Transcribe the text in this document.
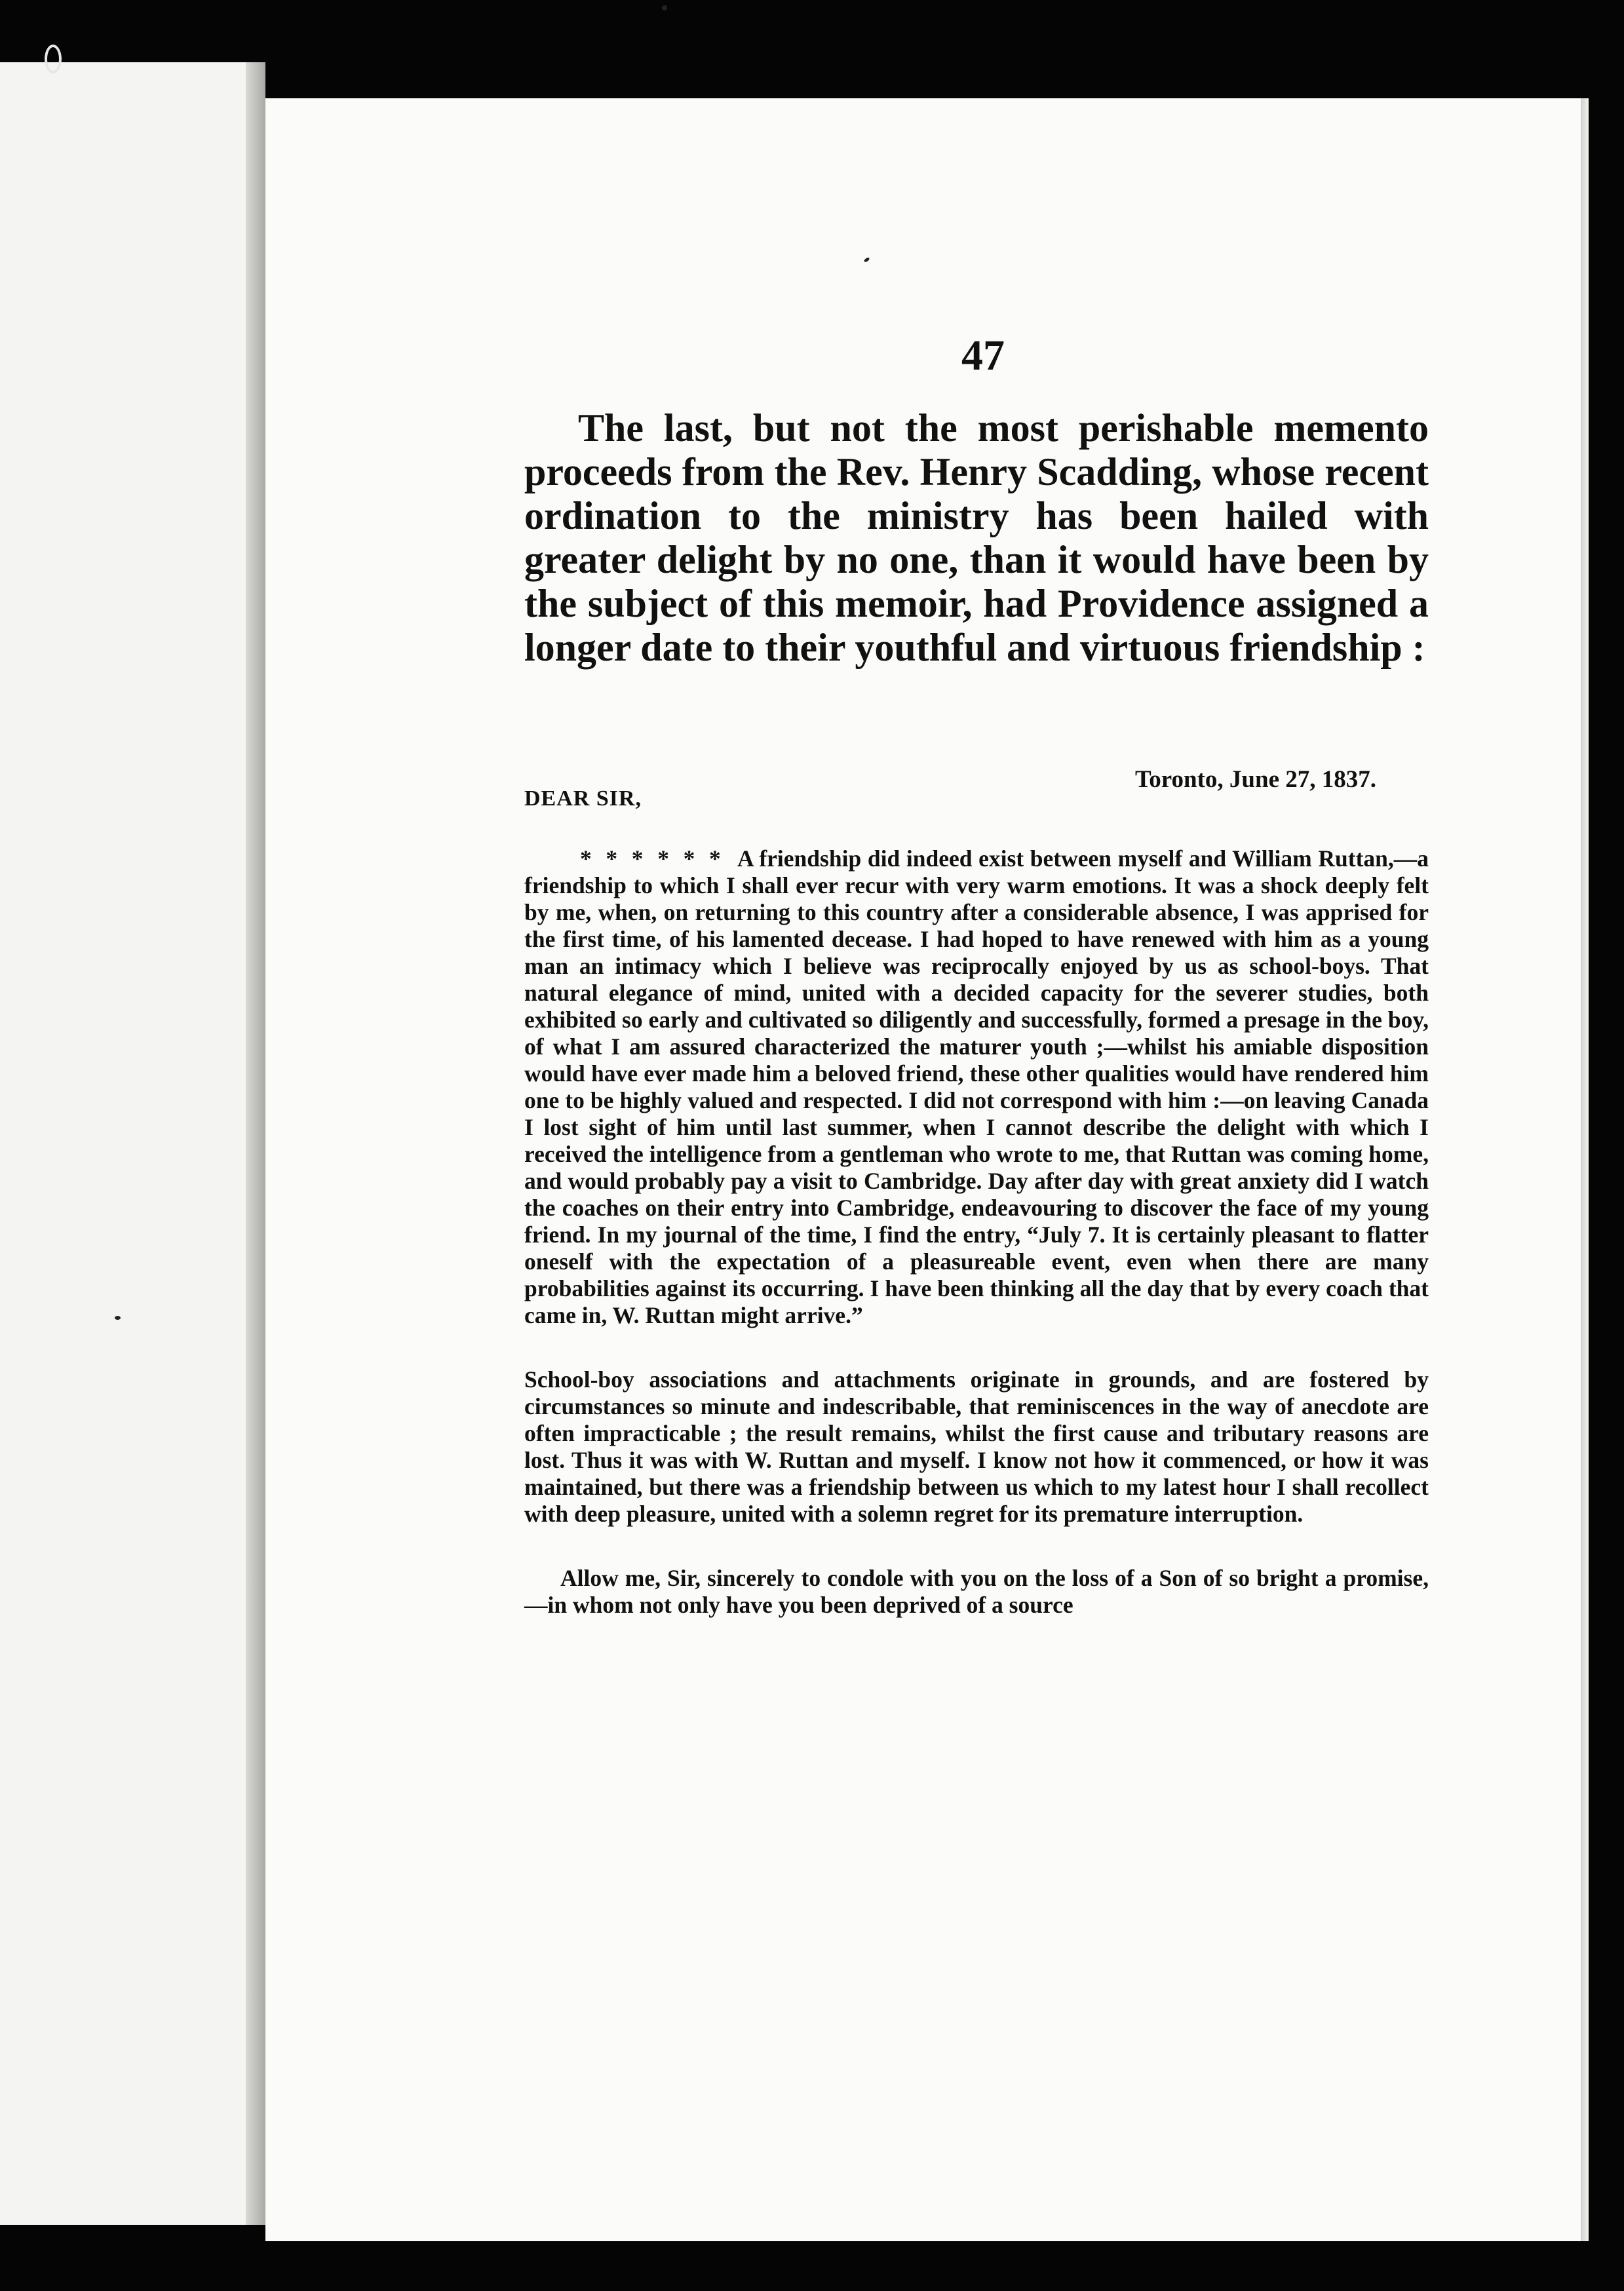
47
The last, but not the most perishable memento proceeds from the Rev. Henry Scadding, whose recent ordination to the ministry has been hailed with greater delight by no one, than it would have been by the subject of this memoir, had Providence assigned a longer date to their youthful and virtuous friendship :
Toronto, June 27, 1837.
DEAR SIR,

* * * * * * A friendship did indeed exist between myself and William Ruttan,—a friendship to which I shall ever recur with very warm emotions. It was a shock deeply felt by me, when, on returning to this country after a considerable absence, I was apprised for the first time, of his lamented decease. I had hoped to have renewed with him as a young man an intimacy which I believe was reciprocally enjoyed by us as school-boys. That natural elegance of mind, united with a decided capacity for the severer studies, both exhibited so early and cultivated so diligently and successfully, formed a presage in the boy, of what I am assured characterized the maturer youth ;—whilst his amiable disposition would have ever made him a beloved friend, these other qualities would have rendered him one to be highly valued and respected. I did not correspond with him :—on leaving Canada I lost sight of him until last summer, when I cannot describe the delight with which I received the intelligence from a gentleman who wrote to me, that Ruttan was coming home, and would probably pay a visit to Cambridge. Day after day with great anxiety did I watch the coaches on their entry into Cambridge, endeavouring to discover the face of my young friend. In my journal of the time, I find the entry, “July 7. It is certainly pleasant to flatter oneself with the expectation of a pleasureable event, even when there are many probabilities against its occurring. I have been thinking all the day that by every coach that came in, W. Ruttan might arrive.”

School-boy associations and attachments originate in grounds, and are fostered by circumstances so minute and indescribable, that reminiscences in the way of anecdote are often impracticable ; the result remains, whilst the first cause and tributary reasons are lost. Thus it was with W. Ruttan and myself. I know not how it commenced, or how it was maintained, but there was a friendship between us which to my latest hour I shall recollect with deep pleasure, united with a solemn regret for its premature interruption.

Allow me, Sir, sincerely to condole with you on the loss of a Son of so bright a promise,—in whom not only have you been deprived of a source
